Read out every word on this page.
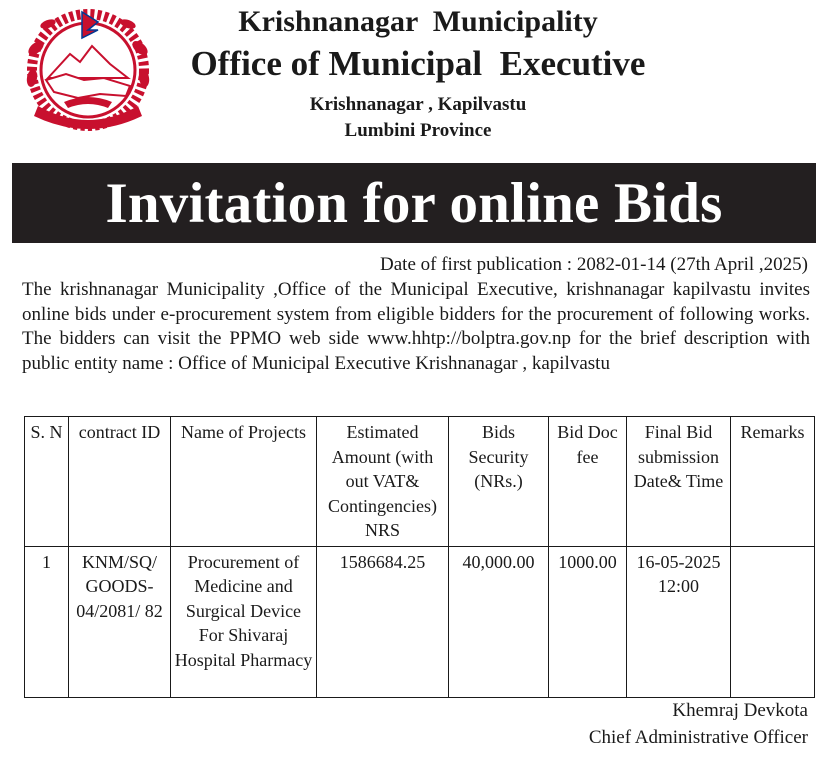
Krishnanagar  Municipality
Office of Municipal  Executive
Krishnanagar , Kapilvastu
Lumbini Province
Invitation for online Bids
Date of first publication : 2082-01-14 (27th April ,2025)
The krishnanagar Municipality ,Office of the Municipal Executive, krishnanagar kapilvastu invites online bids under e-procurement system from eligible bidders for the procurement of following works. The bidders can visit the PPMO web side www.hhtp://bolptra.gov.np for the brief description with public entity name : Office of Municipal Executive Krishnanagar , kapilvastu
S. N	contract ID	Name of Projects	Estimated Amount (with out VAT& Contingencies) NRS	Bids Security (NRs.)	Bid Doc fee	Final Bid submission Date& Time	Remarks
1	KNM/SQ/ GOODS-04/2081/ 82	Procurement of Medicine and Surgical Device For Shivaraj Hospital Pharmacy	1586684.25	40,000.00	1000.00	16-05-2025 12:00	
Khemraj Devkota
Chief Administrative Officer
